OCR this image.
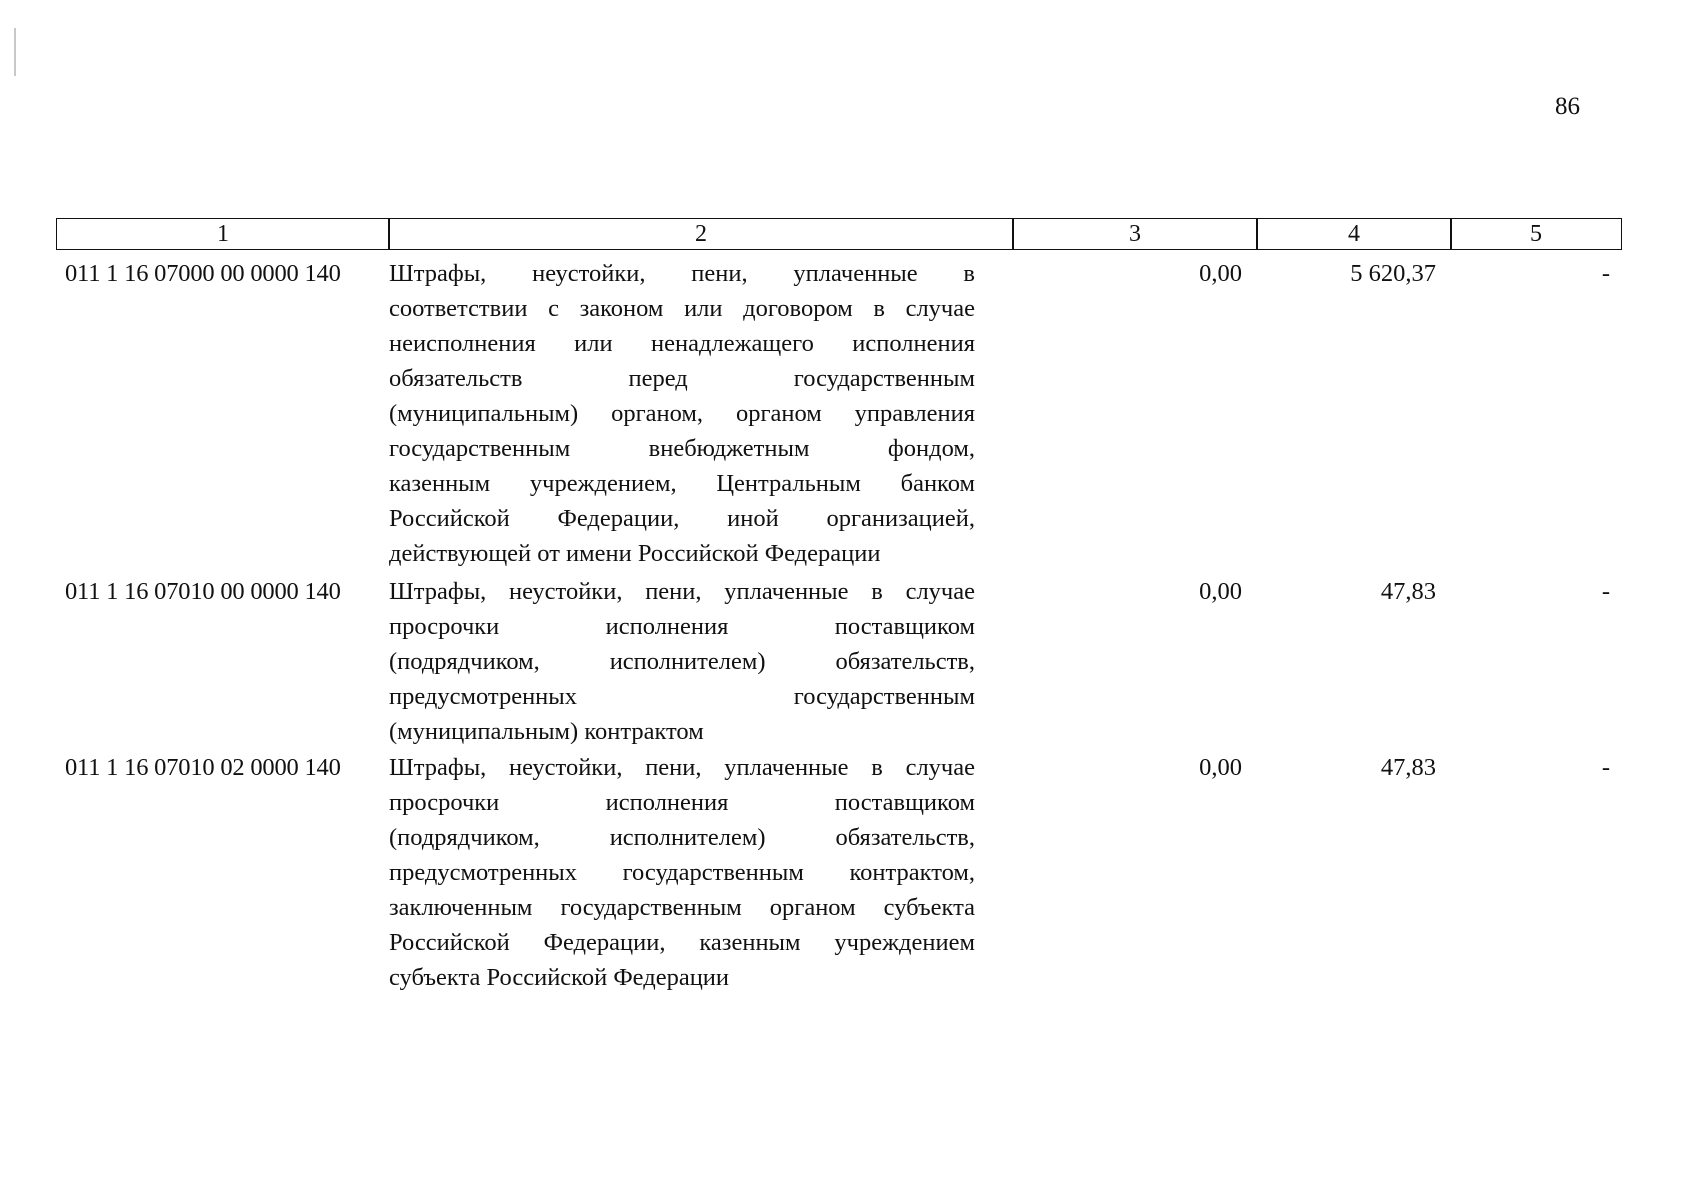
86
1	2	3	4	5
011 1 16 07000 00 0000 140	Штрафы, неустойки, пени, уплаченные в
соответствии с законом или договором в случае
неисполнения или ненадлежащего исполнения
обязательств перед государственным
(муниципальным) органом, органом управления
государственным внебюджетным фондом,
казенным учреждением, Центральным банком
Российской Федерации, иной организацией,
действующей от имени Российской Федерации
0,00	5 620,37	-
011 1 16 07010 00 0000 140	Штрафы, неустойки, пени, уплаченные в случае
просрочки исполнения поставщиком
(подрядчиком, исполнителем) обязательств,
предусмотренных государственным
(муниципальным) контрактом
0,00	47,83	-
011 1 16 07010 02 0000 140	Штрафы, неустойки, пени, уплаченные в случае
просрочки исполнения поставщиком
(подрядчиком, исполнителем) обязательств,
предусмотренных государственным контрактом,
заключенным государственным органом субъекта
Российской Федерации, казенным учреждением
субъекта Российской Федерации
0,00	47,83	-
